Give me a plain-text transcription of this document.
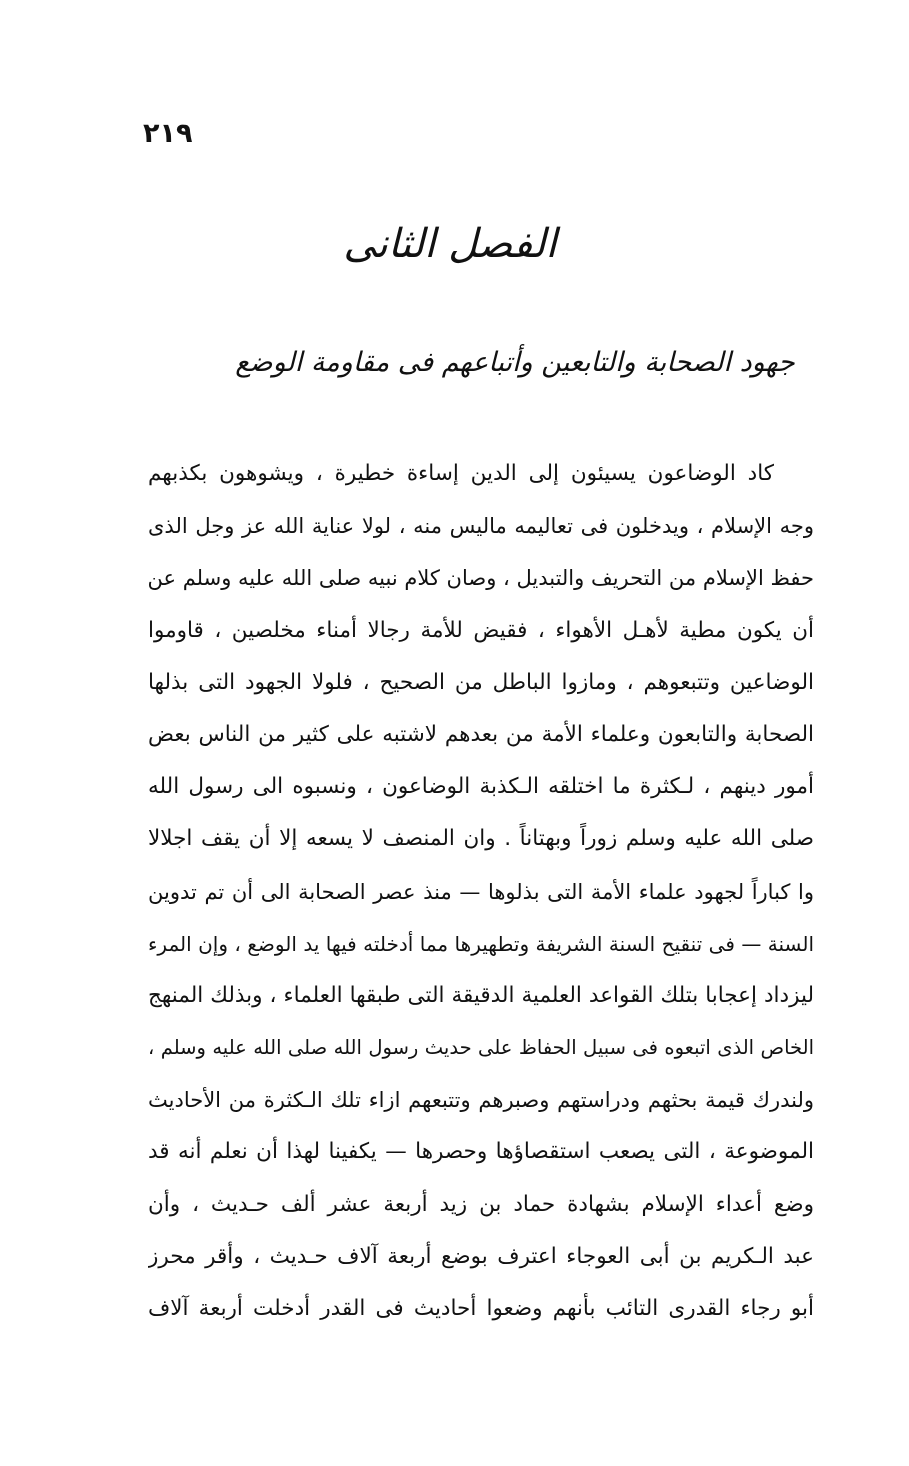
٢١٩
الفصل الثانى
جهود الصحابة والتابعين وأتباعهم فى مقاومة الوضع
كاد الوضاعون يسيئون إلى الدين إساءة خطيرة ، ويشوهون بكذبهم
وجه الإسلام ، ويدخلون فى تعاليمه ماليس منه ، لولا عناية الله عز وجل الذى
حفظ الإسلام من التحريف والتبديل ، وصان كلام نبيه صلى الله عليه وسلم عن
أن يكون مطية لأهـل الأهواء ، فقيض للأمة رجالا أمناء مخلصين ، قاوموا
الوضاعين وتتبعوهم ، ومازوا الباطل من الصحيح ، فلولا الجهود التى بذلها
الصحابة والتابعون وعلماء الأمة من بعدهم لاشتبه على كثير من الناس بعض
أمور دينهم ، لـكثرة ما اختلقه الـكذبة الوضاعون ، ونسبوه الى رسول الله
صلى الله عليه وسلم زوراً وبهتاناً . وان المنصف لا يسعه إلا أن يقف اجلالا
وا كباراً لجهود علماء الأمة التى بذلوها — منذ عصر الصحابة الى أن تم تدوين
السنة — فى تنقيح السنة الشريفة وتطهيرها مما أدخلته فيها يد الوضع ، وإن المرء
ليزداد إعجابا بتلك القواعد العلمية الدقيقة التى طبقها العلماء ، وبذلك المنهج
الخاص الذى اتبعوه فى سبيل الحفاظ على حديث رسول الله صلى الله عليه وسلم ،
ولندرك قيمة بحثهم ودراستهم وصبرهم وتتبعهم ازاء تلك الـكثرة من الأحاديث
الموضوعة ، التى يصعب استقصاؤها وحصرها — يكفينا لهذا أن نعلم أنه قد
وضع أعداء الإسلام بشهادة حماد بن زيد أربعة عشر ألف حـديث ، وأن
عبد الـكريم بن أبى العوجاء اعترف بوضع أربعة آلاف حـديث ، وأقر محرز
أبو رجاء القدرى التائب بأنهم وضعوا أحاديث فى القدر أدخلت أربعة آلاف
